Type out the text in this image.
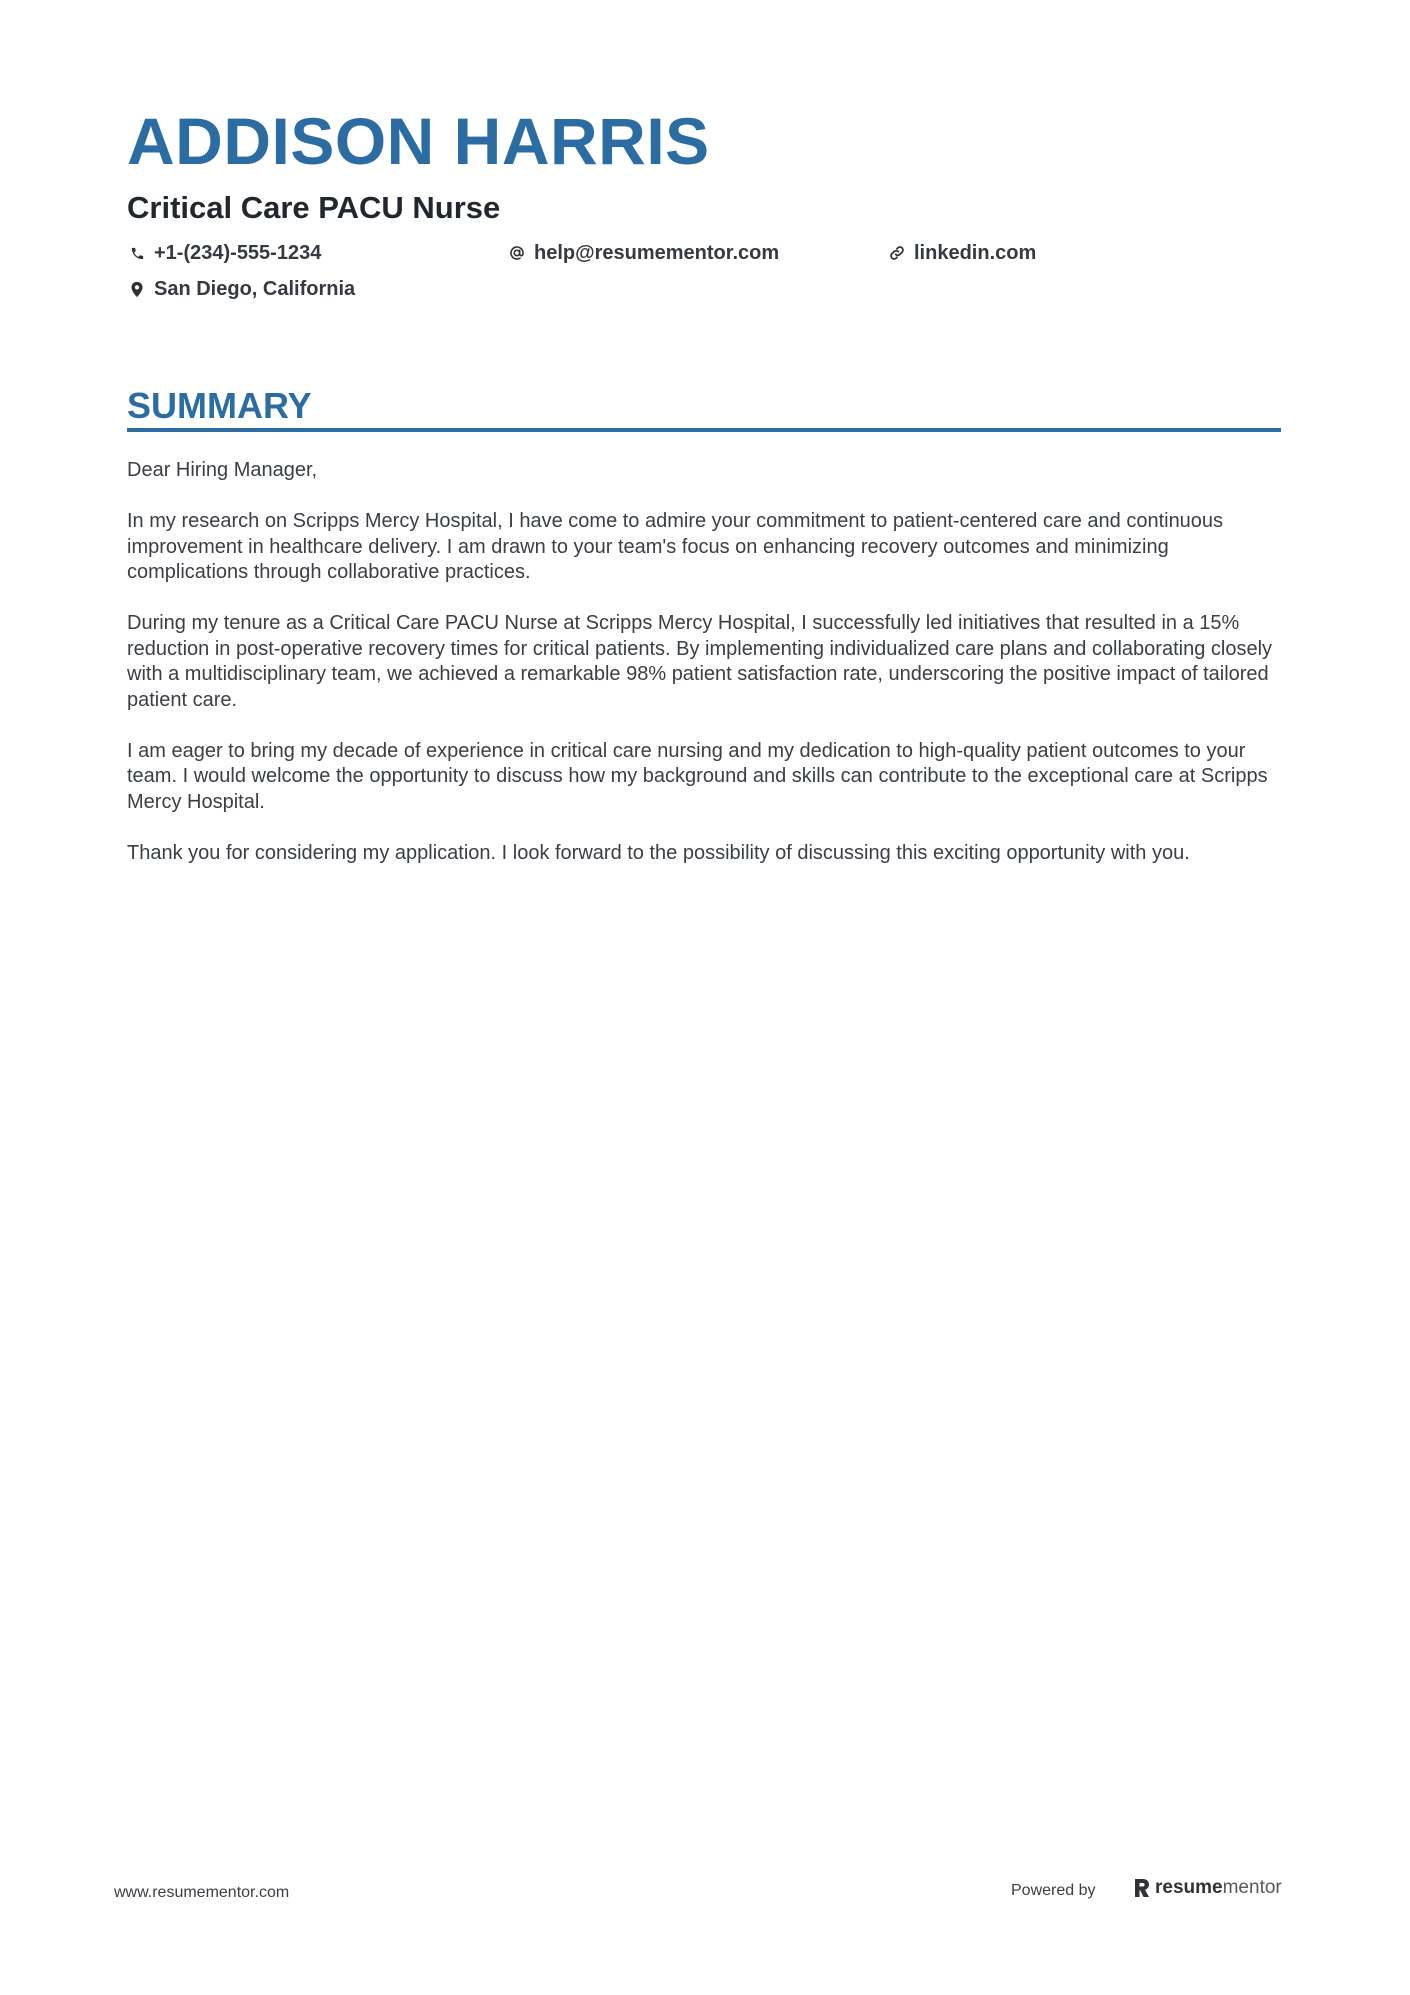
ADDISON HARRIS
Critical Care PACU Nurse
+1-(234)-555-1234	help@resumementor.com	linkedin.com
San Diego, California
SUMMARY

Dear Hiring Manager,

In my research on Scripps Mercy Hospital, I have come to admire your commitment to patient-centered care and continuous improvement in healthcare delivery. I am drawn to your team's focus on enhancing recovery outcomes and minimizing complications through collaborative practices.

During my tenure as a Critical Care PACU Nurse at Scripps Mercy Hospital, I successfully led initiatives that resulted in a 15% reduction in post-operative recovery times for critical patients. By implementing individualized care plans and collaborating closely with a multidisciplinary team, we achieved a remarkable 98% patient satisfaction rate, underscoring the positive impact of tailored patient care.

I am eager to bring my decade of experience in critical care nursing and my dedication to high-quality patient outcomes to your team. I would welcome the opportunity to discuss how my background and skills can contribute to the exceptional care at Scripps Mercy Hospital.

Thank you for considering my application. I look forward to the possibility of discussing this exciting opportunity with you.

www.resumementor.com	Powered by	resume mentor
